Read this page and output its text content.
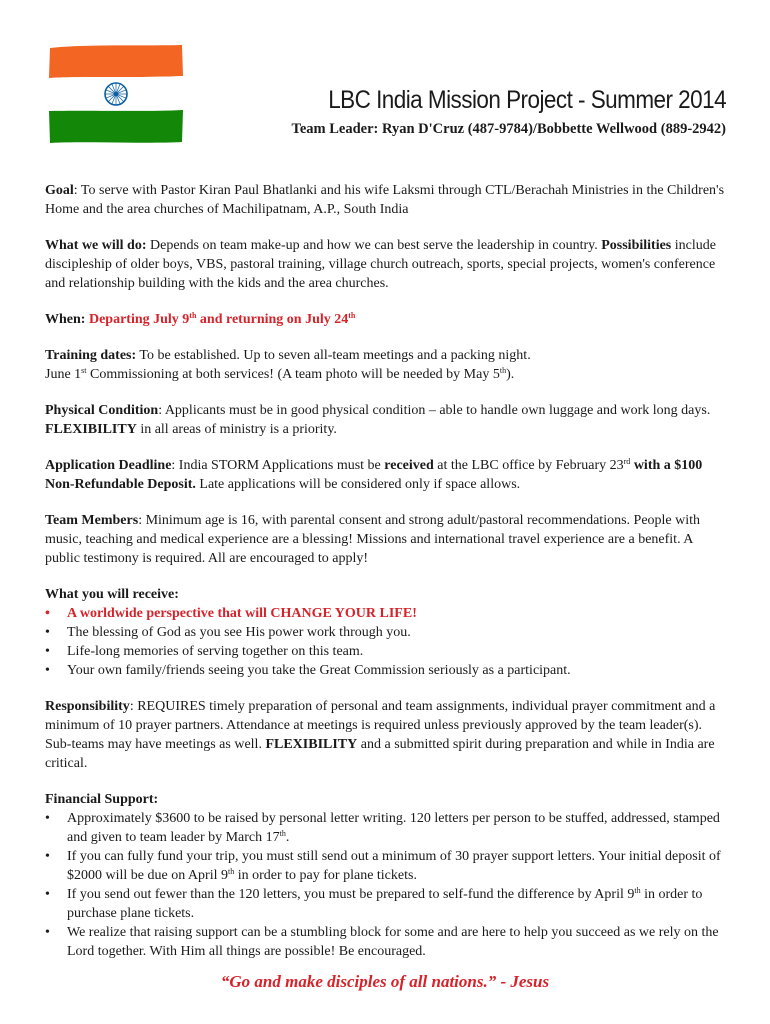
LBC India Mission Project - Summer 2014
Team Leader: Ryan D'Cruz (487-9784)/Bobbette Wellwood (889-2942)

Goal: To serve with Pastor Kiran Paul Bhatlanki and his wife Laksmi through CTL/Berachah Ministries in the Children's Home and the area churches of Machilipatnam, A.P., South India

What we will do: Depends on team make-up and how we can best serve the leadership in country. Possibilities include discipleship of older boys, VBS, pastoral training, village church outreach, sports, special projects, women's conference and relationship building with the kids and the area churches.

When: Departing July 9th and returning on July 24th

Training dates: To be established. Up to seven all-team meetings and a packing night.
June 1st Commissioning at both services! (A team photo will be needed by May 5th).

Physical Condition: Applicants must be in good physical condition – able to handle own luggage and work long days. FLEXIBILITY in all areas of ministry is a priority.

Application Deadline: India STORM Applications must be received at the LBC office by February 23rd with a $100 Non-Refundable Deposit. Late applications will be considered only if space allows.

Team Members: Minimum age is 16, with parental consent and strong adult/pastoral recommendations. People with music, teaching and medical experience are a blessing! Missions and international travel experience are a benefit. A public testimony is required. All are encouraged to apply!

What you will receive:
• A worldwide perspective that will CHANGE YOUR LIFE!
• The blessing of God as you see His power work through you.
• Life-long memories of serving together on this team.
• Your own family/friends seeing you take the Great Commission seriously as a participant.

Responsibility: REQUIRES timely preparation of personal and team assignments, individual prayer commitment and a minimum of 10 prayer partners. Attendance at meetings is required unless previously approved by the team leader(s). Sub-teams may have meetings as well. FLEXIBILITY and a submitted spirit during preparation and while in India are critical.

Financial Support:
• Approximately $3600 to be raised by personal letter writing. 120 letters per person to be stuffed, addressed, stamped and given to team leader by March 17th.
• If you can fully fund your trip, you must still send out a minimum of 30 prayer support letters. Your initial deposit of $2000 will be due on April 9th in order to pay for plane tickets.
• If you send out fewer than the 120 letters, you must be prepared to self-fund the difference by April 9th in order to purchase plane tickets.
• We realize that raising support can be a stumbling block for some and are here to help you succeed as we rely on the Lord together. With Him all things are possible! Be encouraged.
“Go and make disciples of all nations.” - Jesus
